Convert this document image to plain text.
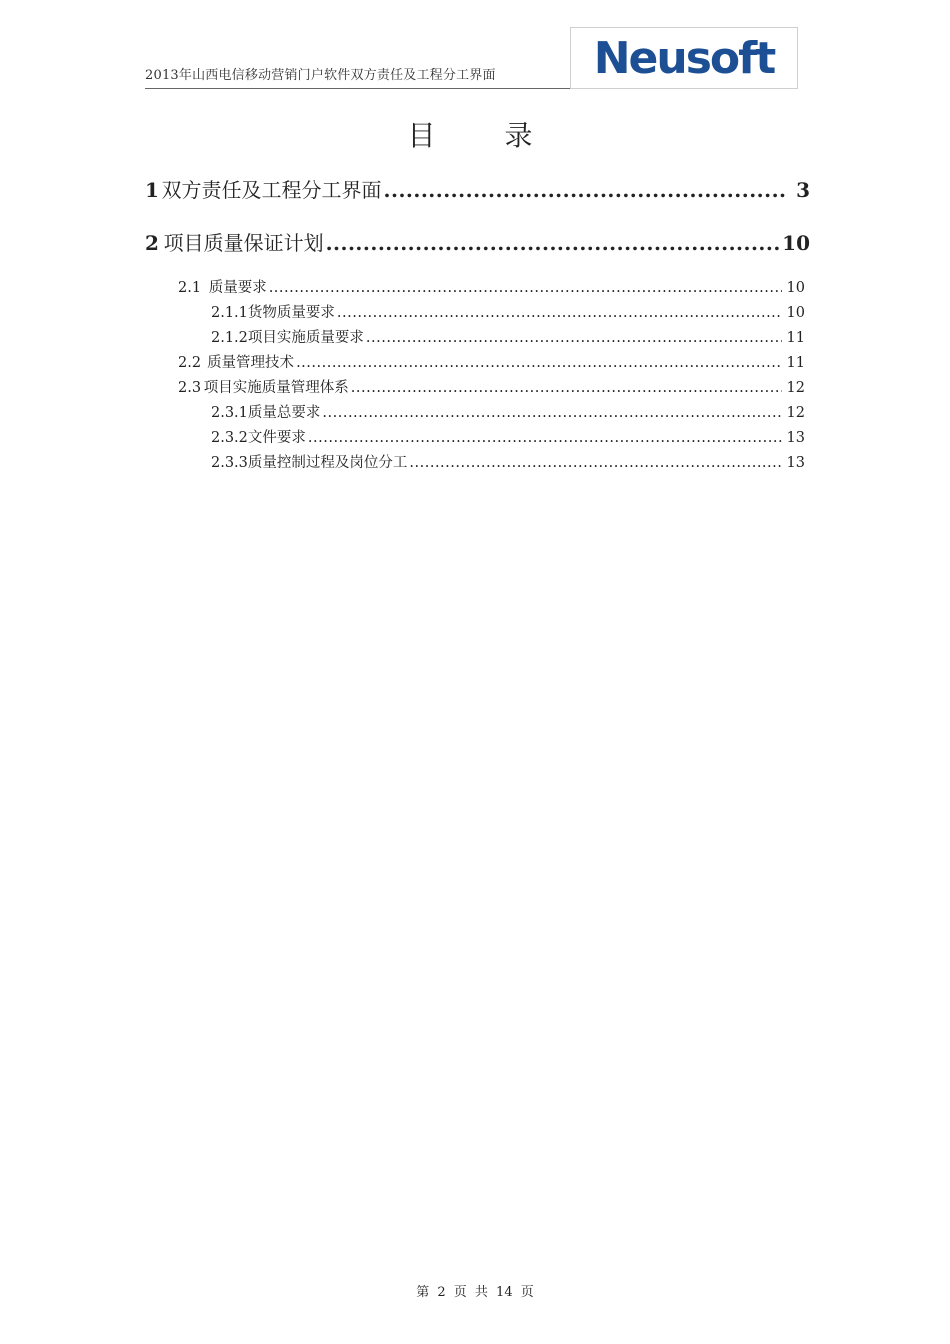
2013年山西电信移动营销门户软件双方责任及工程分工界面 Neusoft
目 录
1 双方责任及工程分工界面 .....	3
2 项目质量保证计划 .....	10
2.1 质量要求 .....	10
2.1.1 货物质量要求 .....	10
2.1.2 项目实施质量要求 .....	11
2.2 质量管理技术 .....	11
2.3 项目实施质量管理体系 .....	12
2.3.1 质量总要求 .....	12
2.3.2 文件要求 .....	13
2.3.3 质量控制过程及岗位分工 .....	13
第 2 页 共 14 页
